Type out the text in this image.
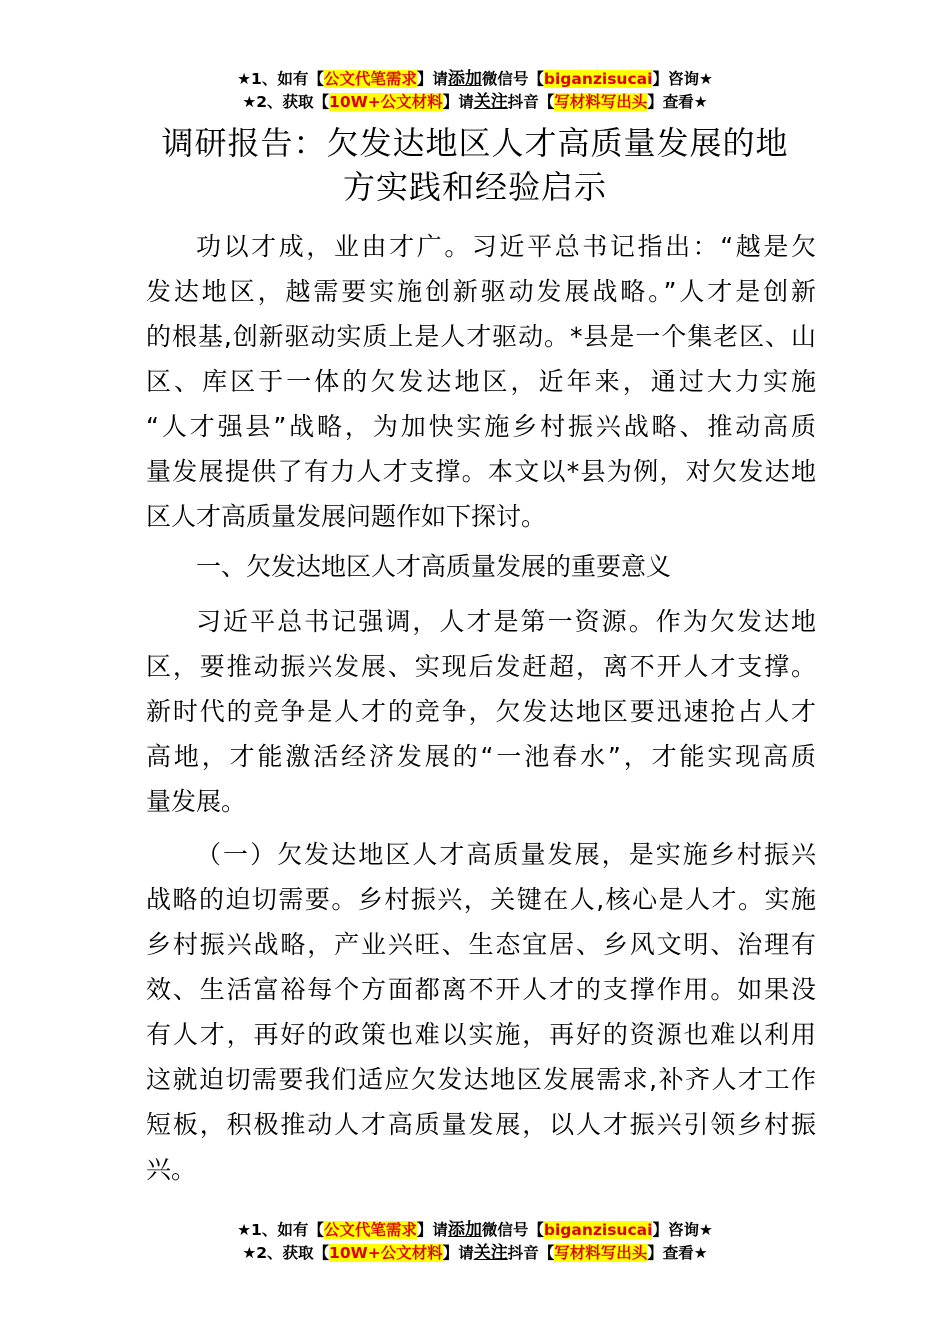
★1、如有【公文代笔需求】请添加微信号【biganzisucai】咨询★
★2、获取【10W+公文材料】请关注抖音【写材料写出头】查看★
调研报告：欠发达地区人才高质量发展的地
方实践和经验启示
功以才成，业由才广。习近平总书记指出：“越是欠
发达地区，越需要实施创新驱动发展战略。”人才是创新
的根基,创新驱动实质上是人才驱动。*县是一个集老区、山
区、库区于一体的欠发达地区，近年来，通过大力实施
“人才强县”战略，为加快实施乡村振兴战略、推动高质
量发展提供了有力人才支撑。本文以*县为例，对欠发达地
区人才高质量发展问题作如下探讨。
一、欠发达地区人才高质量发展的重要意义
习近平总书记强调，人才是第一资源。作为欠发达地
区，要推动振兴发展、实现后发赶超，离不开人才支撑。
新时代的竞争是人才的竞争，欠发达地区要迅速抢占人才
高地，才能激活经济发展的“一池春水”，才能实现高质
量发展。
（一）欠发达地区人才高质量发展，是实施乡村振兴
战略的迫切需要。乡村振兴，关键在人,核心是人才。实施
乡村振兴战略，产业兴旺、生态宜居、乡风文明、治理有
效、生活富裕每个方面都离不开人才的支撑作用。如果没
有人才，再好的政策也难以实施，再好的资源也难以利用
这就迫切需要我们适应欠发达地区发展需求,补齐人才工作
短板，积极推动人才高质量发展，以人才振兴引领乡村振
兴。
★1、如有【公文代笔需求】请添加微信号【biganzisucai】咨询★
★2、获取【10W+公文材料】请关注抖音【写材料写出头】查看★
